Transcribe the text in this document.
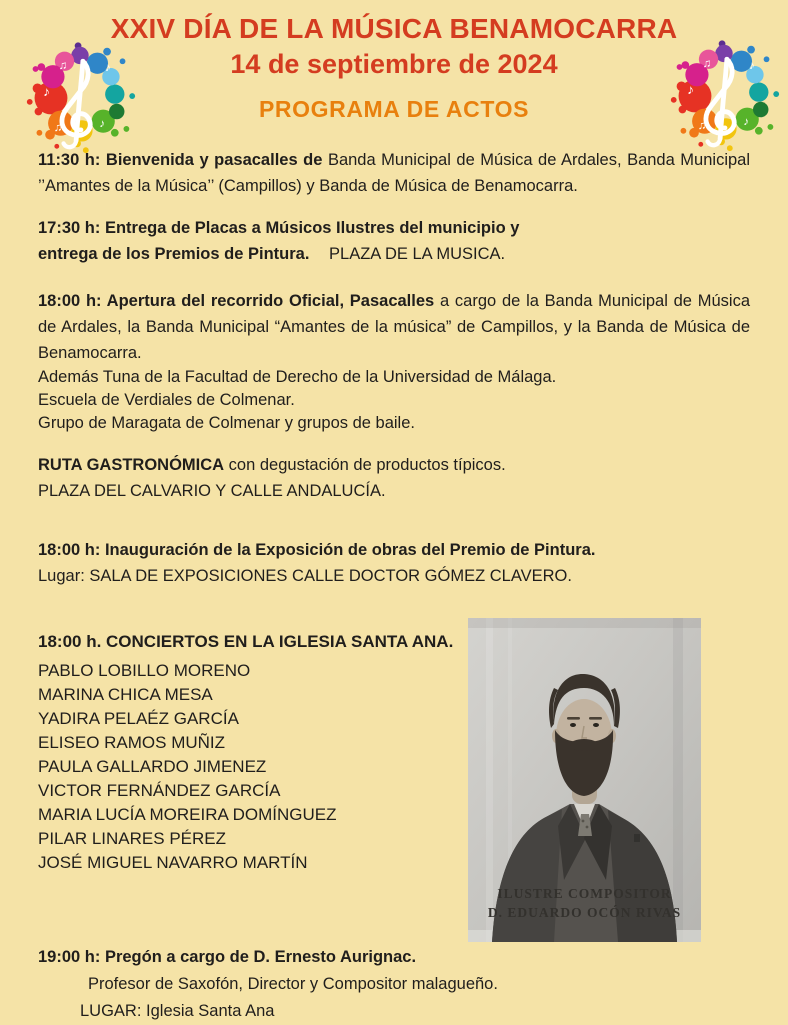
XXIV DÍA DE LA MÚSICA BENAMOCARRA
14 de septiembre de 2024
PROGRAMA DE ACTOS
11:30 h: Bienvenida y pasacalles de Banda Municipal de Música de Ardales, Banda Municipal ’’Amantes de la Música’’ (Campillos) y Banda de Música de Benamocarra.
17:30 h: Entrega de Placas a Músicos Ilustres del municipio y
entrega de los Premios de Pintura. PLAZA DE LA MUSICA.
18:00 h: Apertura del recorrido Oficial, Pasacalles a cargo de la Banda Municipal de Música de Ardales, la Banda Municipal “Amantes de la música” de Campillos, y la Banda de Música de Benamocarra.
Además Tuna de la Facultad de Derecho de la Universidad de Málaga.
Escuela de Verdiales de Colmenar.
Grupo de Maragata de Colmenar y grupos de baile.
RUTA GASTRONÓMICA con degustación de productos típicos.
PLAZA DEL CALVARIO Y CALLE ANDALUCÍA.
18:00 h: Inauguración de la Exposición de obras del Premio de Pintura.
Lugar: SALA DE EXPOSICIONES CALLE DOCTOR GÓMEZ CLAVERO.
18:00 h. CONCIERTOS EN LA IGLESIA SANTA ANA.
PABLO LOBILLO MORENO
MARINA CHICA MESA
YADIRA PELAÉZ GARCÍA
ELISEO RAMOS MUÑIZ
PAULA GALLARDO JIMENEZ
VICTOR FERNÁNDEZ GARCÍA
MARIA LUCÍA MOREIRA DOMÍNGUEZ
PILAR LINARES PÉREZ
JOSÉ MIGUEL NAVARRO MARTÍN
ILUSTRE COMPOSITOR
D. EDUARDO OCÓN RIVAS
19:00 h: Pregón a cargo de D. Ernesto Aurignac.
Profesor de Saxofón, Director y Compositor malagueño.
LUGAR: Iglesia Santa Ana
